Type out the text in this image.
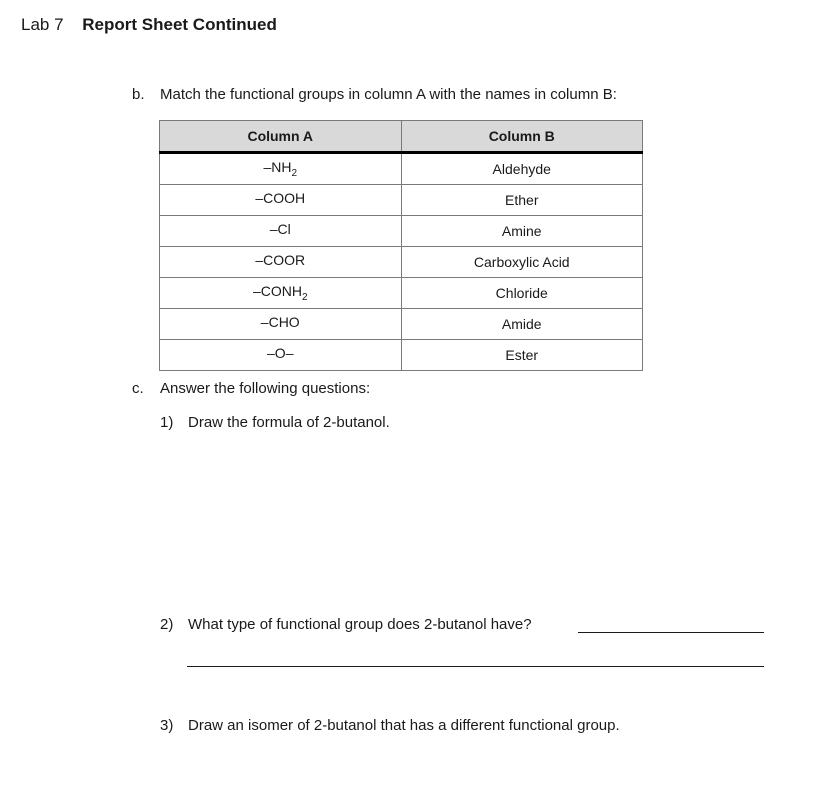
Lab 7 Report Sheet Continued
b. Match the functional groups in column A with the names in column B:
Column A	Column B
$-NH_2$	Aldehyde
–COOH	Ether
–Cl	Amine
–COOR	Carboxylic Acid
$-CONH_2$	Chloride
–CHO	Amide
–O–	Ester
c. Answer the following questions:
1) Draw the formula of 2-butanol.
2) What type of functional group does 2-butanol have?
3) Draw an isomer of 2-butanol that has a different functional group.
